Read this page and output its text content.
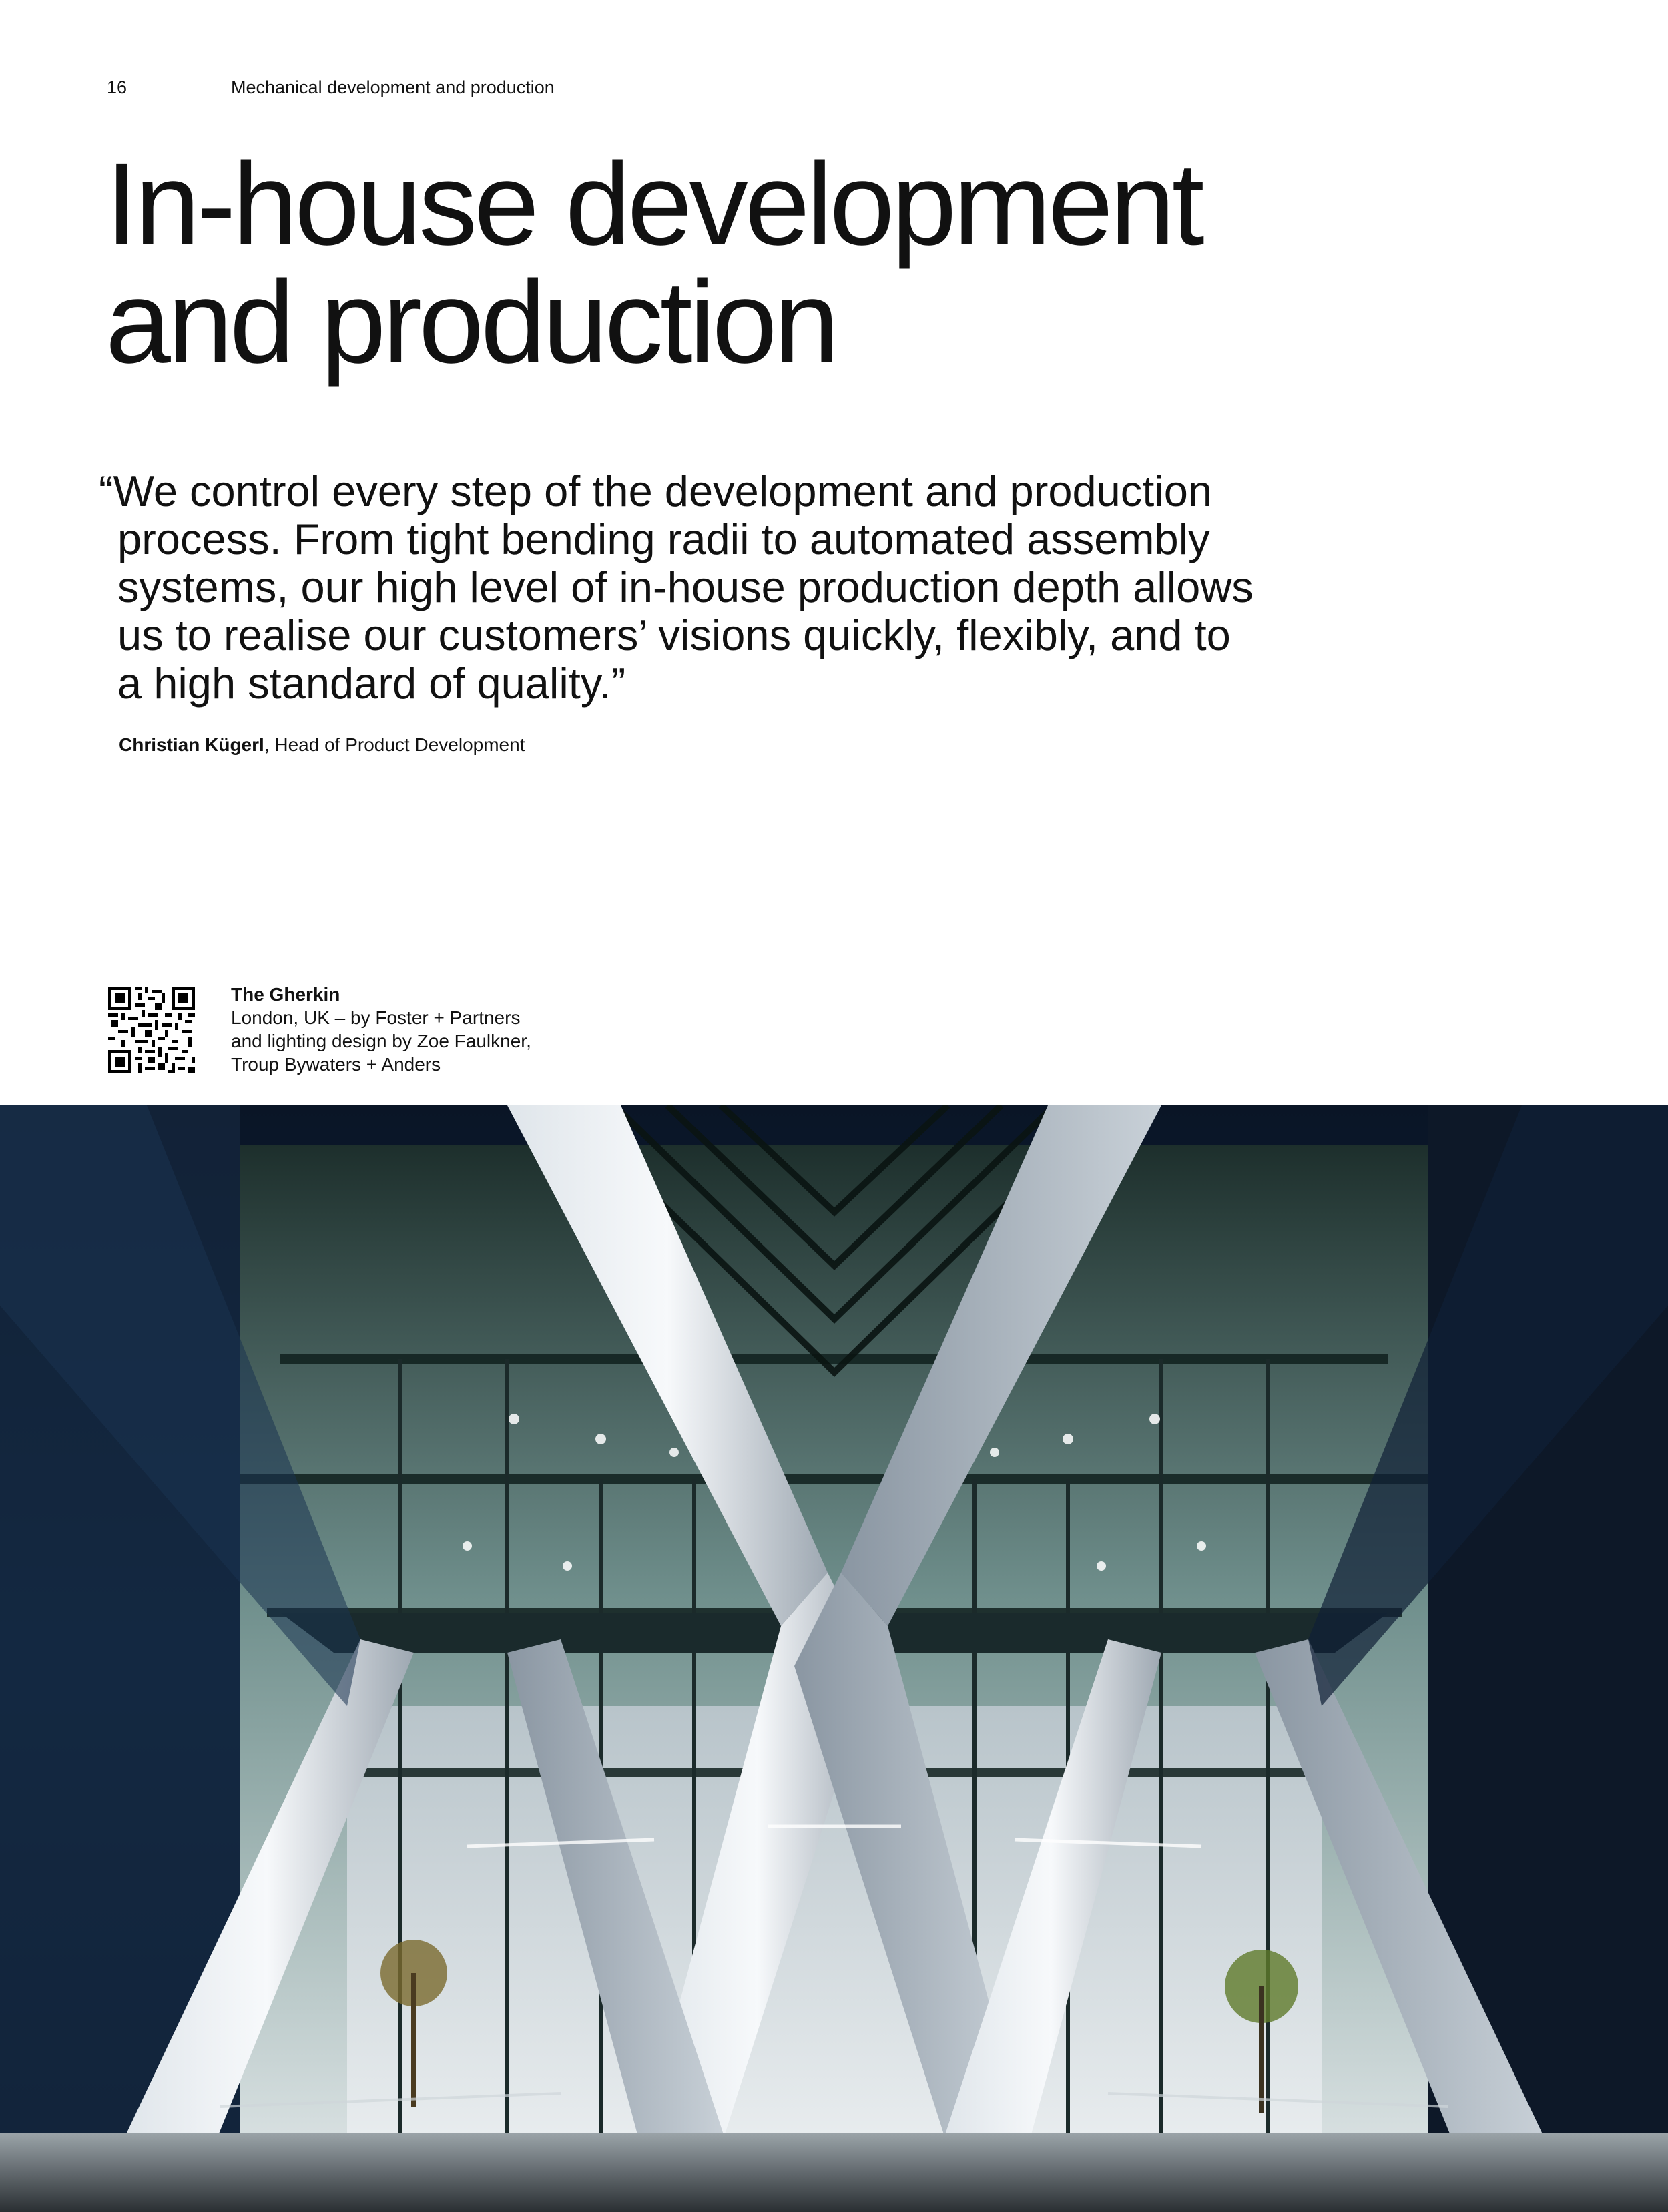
16	Mechanical development and production
In-house development
and production
“We control every step of the development and production
process. From tight bending radii to automated assembly
systems, our high level of in-house production depth allows
us to realise our customers’ visions quickly, flexibly, and to
a high standard of quality.”
Christian Kügerl, Head of Product Development
The Gherkin
London, UK – by Foster + Partners
and lighting design by Zoe Faulkner,
Troup Bywaters + Anders
